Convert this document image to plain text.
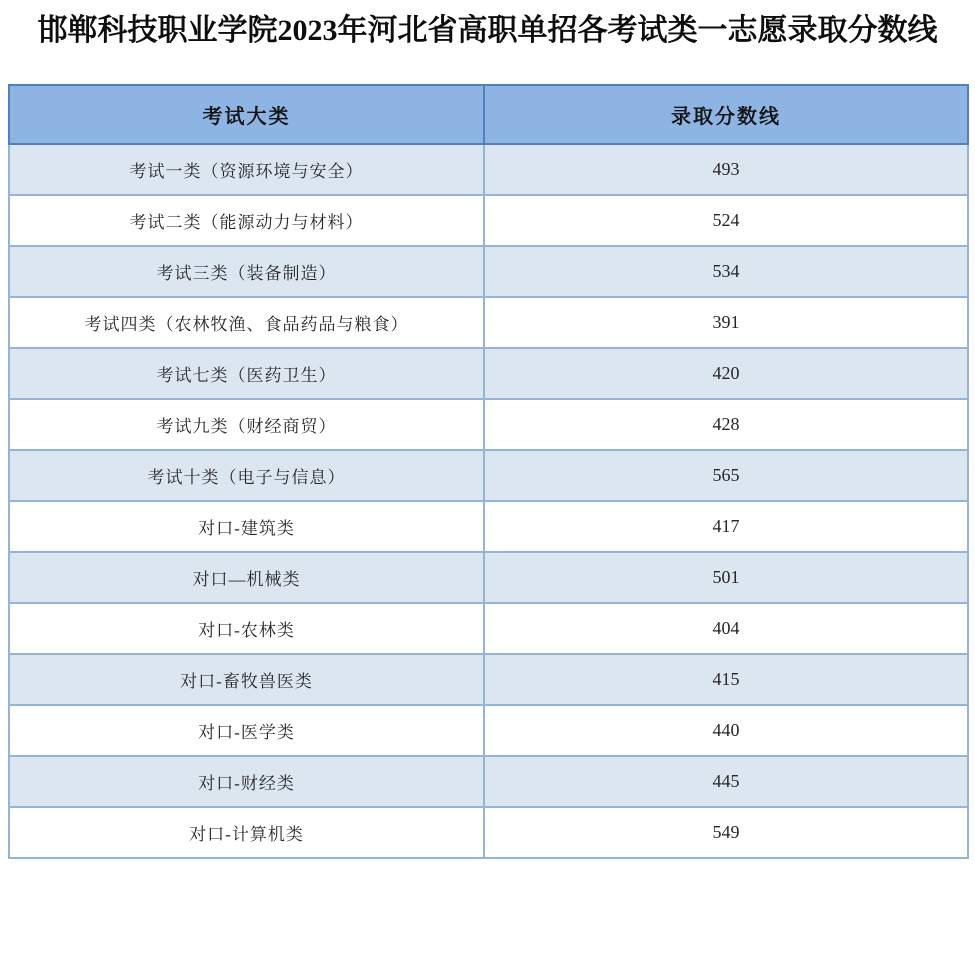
邯郸科技职业学院2023年河北省高职单招各考试类一志愿录取分数线
考试大类	录取分数线
考试一类（资源环境与安全）	493
考试二类（能源动力与材料）	524
考试三类（装备制造）	534
考试四类（农林牧渔、食品药品与粮食）	391
考试七类（医药卫生）	420
考试九类（财经商贸）	428
考试十类（电子与信息）	565
对口-建筑类	417
对口—机械类	501
对口-农林类	404
对口-畜牧兽医类	415
对口-医学类	440
对口-财经类	445
对口-计算机类	549
